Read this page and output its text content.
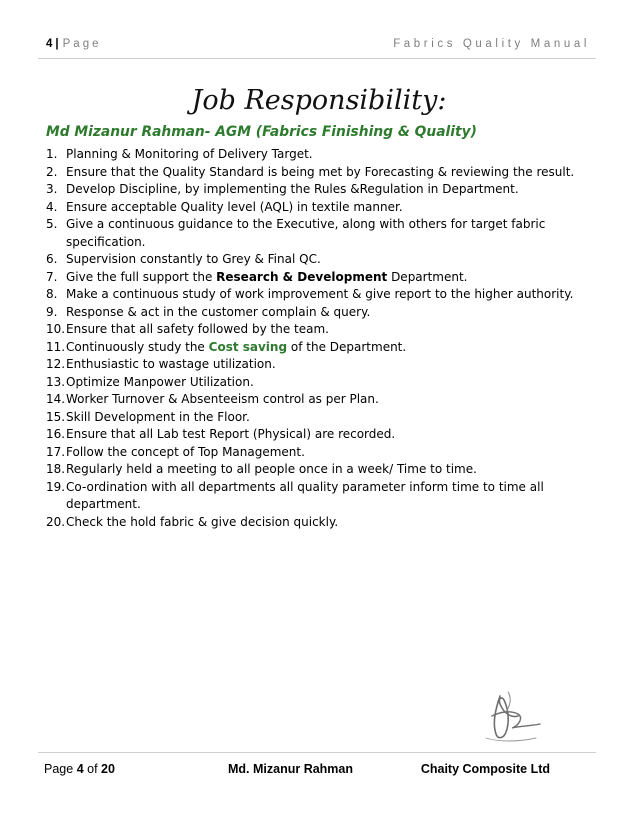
4 | Page	Fabrics Quality Manual
Job Responsibility:
Md Mizanur Rahman- AGM (Fabrics Finishing & Quality)
1. Planning & Monitoring of Delivery Target.
2. Ensure that the Quality Standard is being met by Forecasting & reviewing the result.
3. Develop Discipline, by implementing the Rules &Regulation in Department.
4. Ensure acceptable Quality level (AQL) in textile manner.
5. Give a continuous guidance to the Executive, along with others for target fabric specification.
6. Supervision constantly to Grey & Final QC.
7. Give the full support the Research & Development Department.
8. Make a continuous study of work improvement & give report to the higher authority.
9. Response & act in the customer complain & query.
10. Ensure that all safety followed by the team.
11. Continuously study the Cost saving of the Department.
12. Enthusiastic to wastage utilization.
13. Optimize Manpower Utilization.
14. Worker Turnover & Absenteeism control as per Plan.
15. Skill Development in the Floor.
16. Ensure that all Lab test Report (Physical) are recorded.
17. Follow the concept of Top Management.
18. Regularly held a meeting to all people once in a week/ Time to time.
19. Co-ordination with all departments all quality parameter inform time to time all department.
20. Check the hold fabric & give decision quickly.
Page 4 of 20	Md. Mizanur Rahman	Chaity Composite Ltd
